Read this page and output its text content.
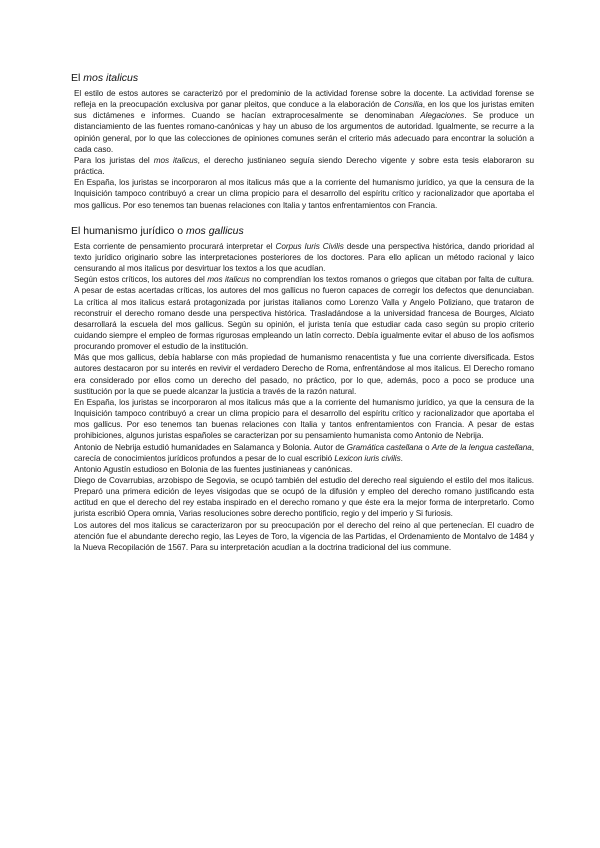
El mos italicus

El estilo de estos autores se caracterizó por el predominio de la actividad forense sobre la docente. La actividad forense se refleja en la preocupación exclusiva por ganar pleitos, que conduce a la elaboración de Consilia, en los que los juristas emiten sus dictámenes e informes. Cuando se hacían extraprocesalmente se denominaban Alegaciones. Se produce un distanciamiento de las fuentes romano-canónicas y hay un abuso de los argumentos de autoridad. Igualmente, se recurre a la opinión general, por lo que las colecciones de opiniones comunes serán el criterio más adecuado para encontrar la solución a cada caso.

Para los juristas del mos italicus, el derecho justinianeo seguía siendo Derecho vigente y sobre esta tesis elaboraron su práctica.

En España, los juristas se incorporaron al mos italicus más que a la corriente del humanismo jurídico, ya que la censura de la Inquisición tampoco contribuyó a crear un clima propicio para el desarrollo del espíritu crítico y racionalizador que aportaba el mos gallicus. Por eso tenemos tan buenas relaciones con Italia y tantos enfrentamientos con Francia.

El humanismo jurídico o mos gallicus

Esta corriente de pensamiento procurará interpretar el Corpus Iuris Civilis desde una perspectiva histórica, dando prioridad al texto jurídico originario sobre las interpretaciones posteriores de los doctores. Para ello aplican un método racional y laico censurando al mos italicus por desvirtuar los textos a los que acudían.

Según estos críticos, los autores del mos italicus no comprendían los textos romanos o griegos que citaban por falta de cultura. A pesar de estas acertadas críticas, los autores del mos gallicus no fueron capaces de corregir los defectos que denunciaban. La crítica al mos italicus estará protagonizada por juristas italianos como Lorenzo Valla y Angelo Poliziano, que trataron de reconstruir el derecho romano desde una perspectiva histórica. Trasladándose a la universidad francesa de Bourges, Alciato desarrollará la escuela del mos gallicus. Según su opinión, el jurista tenía que estudiar cada caso según su propio criterio cuidando siempre el empleo de formas rigurosas empleando un latín correcto. Debía igualmente evitar el abuso de los aofismos procurando promover el estudio de la institución.

Más que mos gallicus, debía hablarse con más propiedad de humanismo renacentista y fue una corriente diversificada. Estos autores destacaron por su interés en revivir el verdadero Derecho de Roma, enfrentándose al mos italicus. El Derecho romano era considerado por ellos como un derecho del pasado, no práctico, por lo que, además, poco a poco se produce una sustitución por la que se puede alcanzar la justicia a través de la razón natural.

En España, los juristas se incorporaron al mos italicus más que a la corriente del humanismo jurídico, ya que la censura de la Inquisición tampoco contribuyó a crear un clima propicio para el desarrollo del espíritu crítico y racionalizador que aportaba el mos gallicus. Por eso tenemos tan buenas relaciones con Italia y tantos enfrentamientos con Francia. A pesar de estas prohibiciones, algunos juristas españoles se caracterizan por su pensamiento humanista como Antonio de Nebrija.

Antonio de Nebrija estudió humanidades en Salamanca y Bolonia. Autor de Gramática castellana o Arte de la lengua castellana, carecía de conocimientos jurídicos profundos a pesar de lo cual escribió Lexicon iuris civilis.

Antonio Agustín estudioso en Bolonia de las fuentes justinianeas y canónicas.

Diego de Covarrubias, arzobispo de Segovia, se ocupó también del estudio del derecho real siguiendo el estilo del mos italicus. Preparó una primera edición de leyes visigodas que se ocupó de la difusión y empleo del derecho romano justificando esta actitud en que el derecho del rey estaba inspirado en el derecho romano y que éste era la mejor forma de interpretarlo. Como jurista escribió Opera omnia, Varias resoluciones sobre derecho pontificio, regio y del imperio y Si furiosis.

Los autores del mos italicus se caracterizaron por su preocupación por el derecho del reino al que pertenecían. El cuadro de atención fue el abundante derecho regio, las Leyes de Toro, la vigencia de las Partidas, el Ordenamiento de Montalvo de 1484 y la Nueva Recopilación de 1567. Para su interpretación acudían a la doctrina tradicional del ius commune.
